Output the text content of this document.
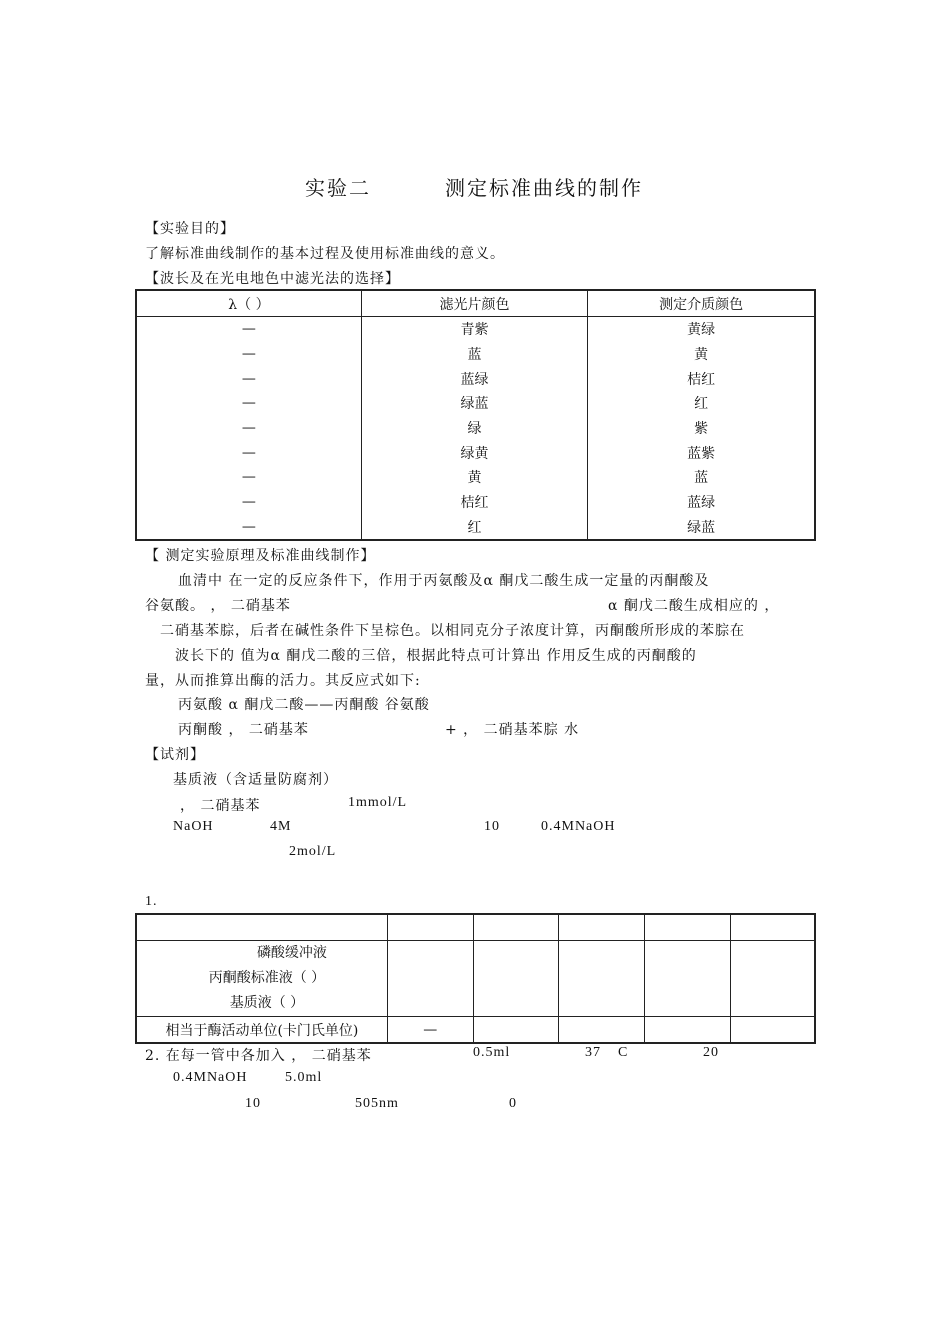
实验二	测定标准曲线的制作
【实验目的】
了解标准曲线制作的基本过程及使用标准曲线的意义。
【波长及在光电地色中滤光法的选择】
λ（ ）	滤光片颜色	测定介质颜色
—	青紫	黄绿
—	蓝	黄
—	蓝绿	桔红
—	绿蓝	红
—	绿	紫
—	绿黄	蓝紫
—	黄	蓝
—	桔红	蓝绿
—	红	绿蓝
【 测定实验原理及标准曲线制作】
血清中 在一定的反应条件下，作用于丙氨酸及α 酮戊二酸生成一定量的丙酮酸及
谷氨酸。 ， 二硝基苯	α 酮戊二酸生成相应的 ，
二硝基苯腙，后者在碱性条件下呈棕色。以相同克分子浓度计算，丙酮酸所形成的苯腙在
波长下的 值为α 酮戊二酸的三倍，根据此特点可计算出 作用反生成的丙酮酸的
量，从而推算出酶的活力。其反应式如下:
丙氨酸 α 酮戊二酸——丙酮酸 谷氨酸
丙酮酸 ， 二硝基苯	+ ， 二硝基苯腙 水
【试剂】
基质液（含适量防腐剂）
， 二硝基苯	1mmol/L
NaOH	4M	10	0.4MNaOH
2mol/L
1.

磷酸缓冲液
丙酮酸标准液（ ）
基质液（ ）					

相当于酶活动单位(卡门氏单位)	—				
2. 在每一管中各加入 ， 二硝基苯	0.5ml	37 C	20
0.4MNaOH	5.0ml
10	505nm	0
